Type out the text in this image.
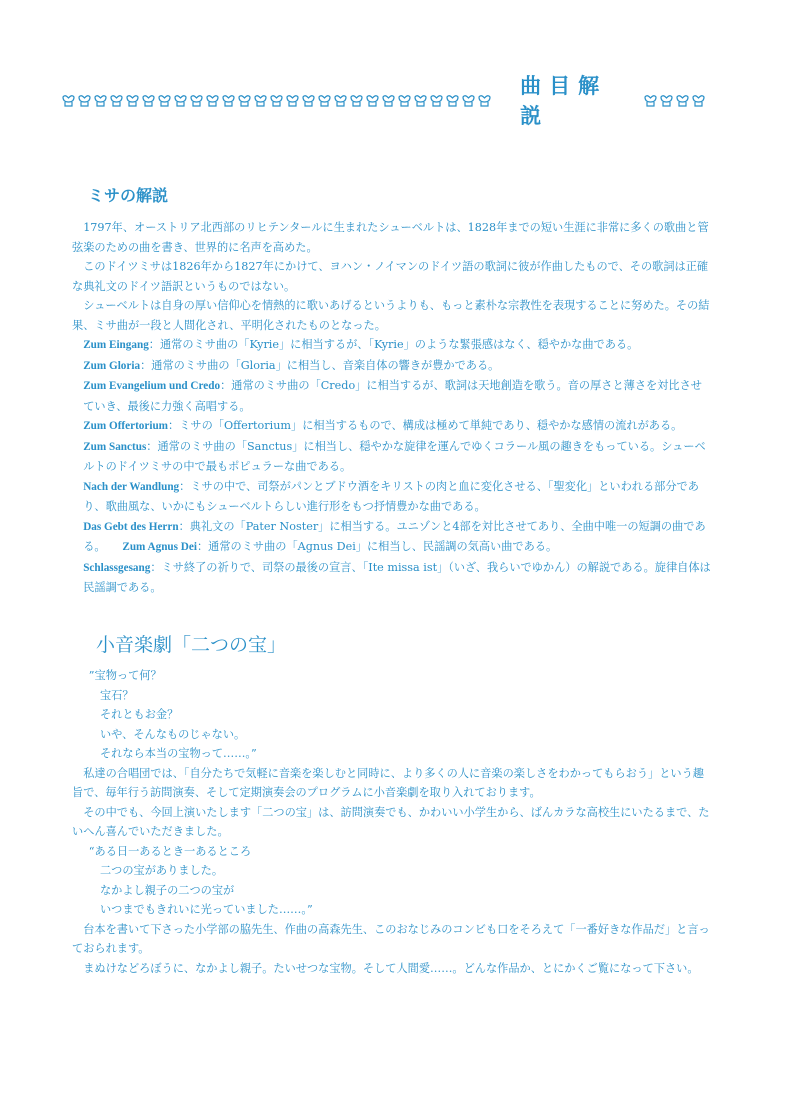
曲目解説
ミサの解説

1797年、オーストリア北西部のリヒテンタールに生まれたシューベルトは、1828年までの短い生涯に非常に多くの歌曲と管弦楽のための曲を書き、世界的に名声を高めた。

このドイツミサは1826年から1827年にかけて、ヨハン・ノイマンのドイツ語の歌詞に彼が作曲したもので、その歌詞は正確な典礼文のドイツ語訳というものではない。

シューベルトは自身の厚い信仰心を情熱的に歌いあげるというよりも、もっと素朴な宗教性を表現することに努めた。その結果、ミサ曲が一段と人間化され、平明化されたものとなった。

Zum Eingang：通常のミサ曲の「Kyrie」に相当するが、「Kyrie」のような緊張感はなく、穏やかな曲である。

Zum Gloria：通常のミサ曲の「Gloria」に相当し、音楽自体の響きが豊かである。

Zum Evangelium und Credo：通常のミサ曲の「Credo」に相当するが、歌詞は天地創造を歌う。音の厚さと薄さを対比させていき、最後に力強く高唱する。

Zum Offertorium：ミサの「Offertorium」に相当するもので、構成は極めて単純であり、穏やかな感情の流れがある。　　Zum Sanctus：通常のミサ曲の「Sanctus」に相当し、穏やかな旋律を運んでゆくコラール風の趣きをもっている。シューベルトのドイツミサの中で最もポピュラーな曲である。

Nach der Wandlung：ミサの中で、司祭がパンとブドウ酒をキリストの肉と血に変化させる、「聖変化」といわれる部分であり、歌曲風な、いかにもシューベルトらしい進行形をもつ抒情豊かな曲である。

Das Gebt des Herrn：典礼文の「Pater Noster」に相当する。ユニゾンと4部を対比させてあり、全曲中唯一の短調の曲である。　　 Zum Agnus Dei：通常のミサ曲の「Agnus Dei」に相当し、民謡調の気高い曲である。

Schlassgesang：ミサ終了の祈りで、司祭の最後の宣言、「Ite missa ist」（いざ、我らいでゆかん）の解説である。旋律自体は民謡調である。

小音楽劇「二つの宝」
”宝物って何？
宝石？
それともお金？
いや、そんなものじゃない。
それなら本当の宝物って……。”

私達の合唱団では、「自分たちで気軽に音楽を楽しむと同時に、より多くの人に音楽の楽しさをわかってもらおう」という趣旨で、毎年行う訪問演奏、そして定期演奏会のプログラムに小音楽劇を取り入れております。

その中でも、今回上演いたします「二つの宝」は、訪問演奏でも、かわいい小学生から、ばんカラな高校生にいたるまで、たいへん喜んでいただきました。

“ある日一あるとき一あるところ
二つの宝がありました。
なかよし親子の二つの宝が
いつまでもきれいに光っていました……。”

台本を書いて下さった小学部の脇先生、作曲の高森先生、このおなじみのコンビも口をそろえて「一番好きな作品だ」と言っておられます。

まぬけなどろぼうに、なかよし親子。たいせつな宝物。そして人間愛……。どんな作品か、とにかくご覧になって下さい。
